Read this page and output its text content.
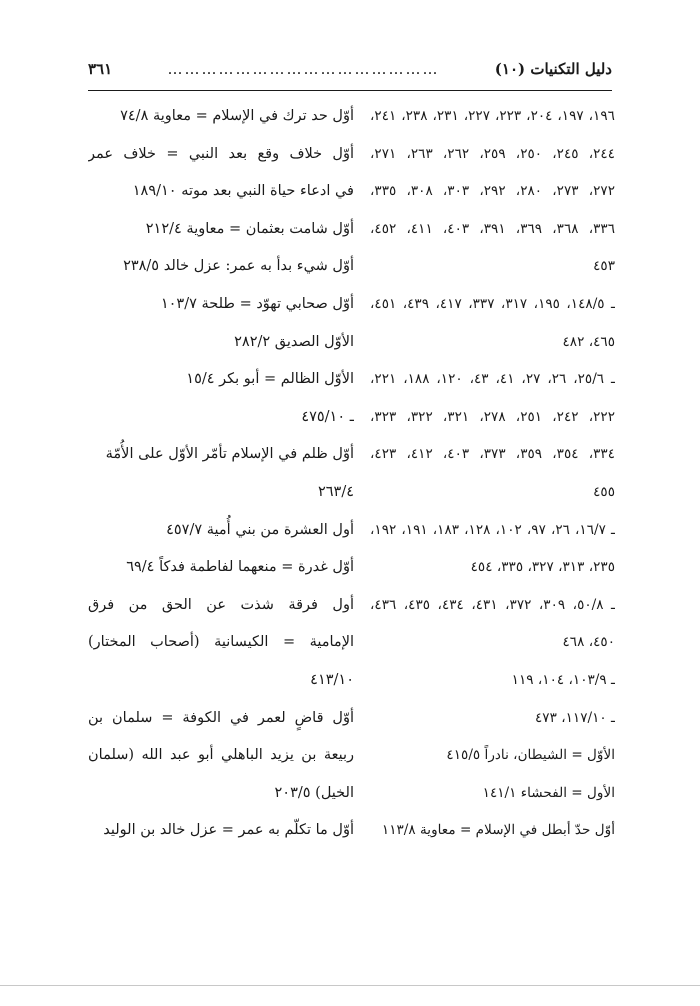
دليل التكنيات (١٠)
…………………………………………
٣٦١
١٩٦، ١٩٧، ٢٠٤، ٢٢٣، ٢٢٧، ٢٣١، ٢٣٨، ٢٤١،
٢٤٤، ٢٤٥، ٢٥٠، ٢٥٩، ٢٦٢، ٢٦٣، ٢٧١،
٢٧٢، ٢٧٣، ٢٨٠، ٢٩٢، ٣٠٣، ٣٠٨، ٣٣٥،
٣٣٦، ٣٦٨، ٣٦٩، ٣٩١، ٤٠٣، ٤١١، ٤٥٢،
٤٥٣
ـ ١٤٨/٥، ١٩٥، ٣١٧، ٣٣٧، ٤١٧، ٤٣٩، ٤٥١،
٤٦٥، ٤٨٢
ـ ٢٥/٦، ٢٦، ٢٧، ٤١، ٤٣، ١٢٠، ١٨٨، ٢٢١،
٢٢٢، ٢٤٢، ٢٥١، ٢٧٨، ٣٢١، ٣٢٢، ٣٢٣،
٣٣٤، ٣٥٤، ٣٥٩، ٣٧٣، ٤٠٣، ٤١٢، ٤٢٣،
٤٥٥
ـ ١٦/٧، ٢٦، ٩٧، ١٠٢، ١٢٨، ١٨٣، ١٩١، ١٩٢،
٢٣٥، ٣١٣، ٣٢٧، ٣٣٥، ٤٥٤
ـ ٥٠/٨، ٣٠٩، ٣٧٢، ٤٣١، ٤٣٤، ٤٣٥، ٤٣٦،
٤٥٠، ٤٦٨
ـ ١٠٣/٩، ١٠٤، ١١٩
ـ ١١٧/١٠، ٤٧٣
الأوّل = الشيطان، نادراً ٤١٥/٥
الأول = الفحشاء ١٤١/١
أوّل حدّ أبطل في الإسلام = معاوية ١١٣/٨
أوّل حد ترك في الإسلام = معاوية ٧٤/٨
أوّل خلاف وقع بعد النبي = خلاف عمر
في ادعاء حياة النبي بعد موته ١٨٩/١٠
أوّل شامت بعثمان = معاوية ٢١٢/٤
أوّل شيء بدأ به عمر: عزل خالد ٢٣٨/٥
أوّل صحابي تهوّد = طلحة ١٠٣/٧
الأوّل الصديق ٢٨٢/٢
الأوّل الظالم = أبو بكر ١٥/٤
ـ ٤٧٥/١٠
أوّل ظلم في الإسلام تأمّر الأوّل على الأُمّة
٢٦٣/٤
أول العشرة من بني أُمية ٤٥٧/٧
أوّل غدرة = منعهما لفاطمة فدكاً ٦٩/٤
أول فرقة شذت عن الحق من فرق
الإمامية = الكيسانية (أصحاب المختار)
٤١٣/١٠
أوّل قاضٍ لعمر في الكوفة = سلمان بن
ربيعة بن يزيد الباهلي أبو عبد الله (سلمان
الخيل) ٢٠٣/٥
أوّل ما تكلّم به عمر = عزل خالد بن الوليد
